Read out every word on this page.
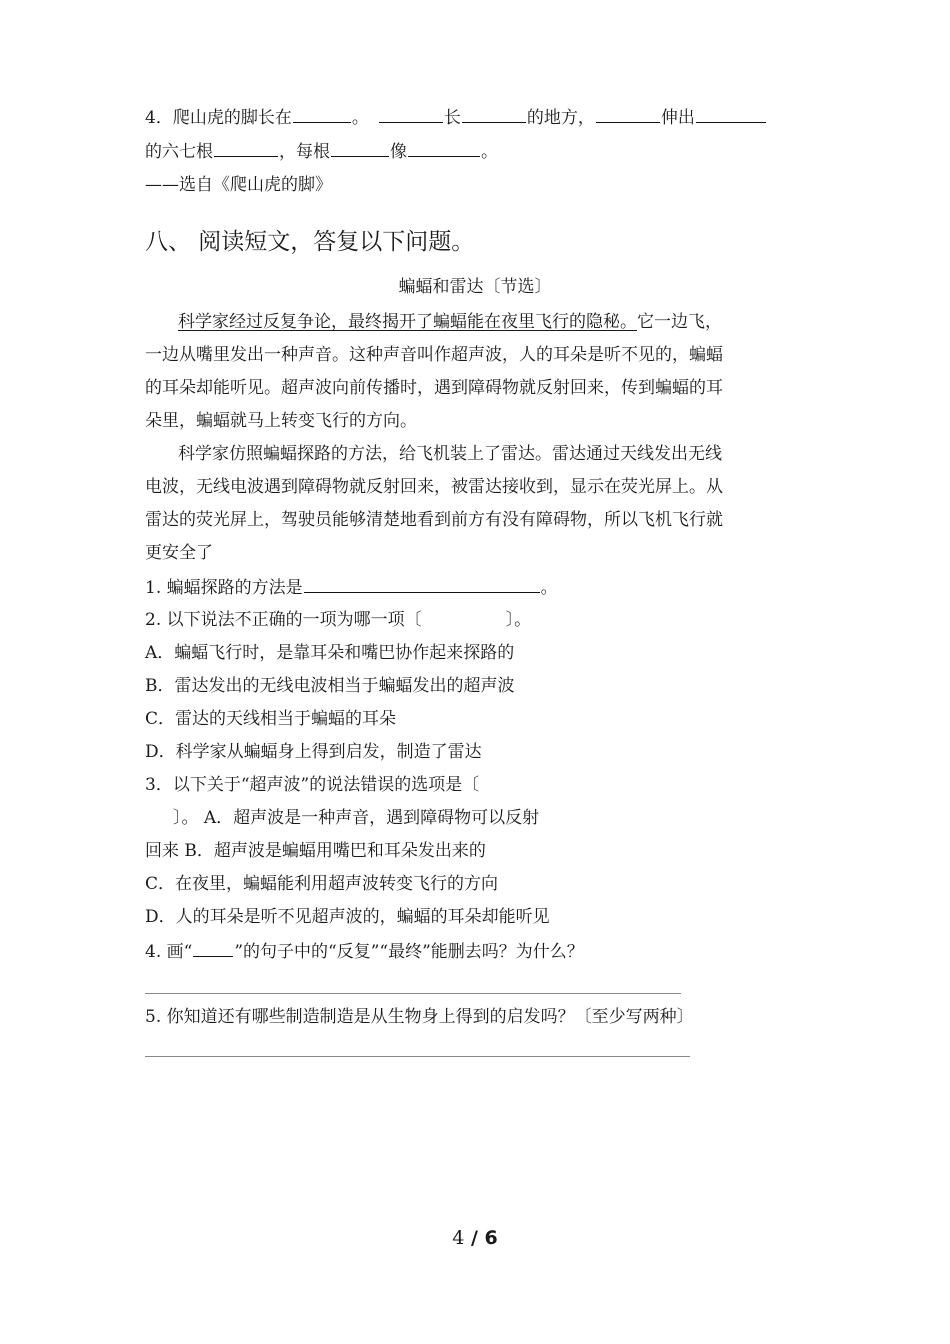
4．爬山虎的脚长在	。	长	的地方，	伸出
的六七根	，每根	像	。
——选自《爬山虎的脚》
八、 阅读短文，答复以下问题。
蝙蝠和雷达〔节选〕
科学家经过反复争论，最终揭开了蝙蝠能在夜里飞行的隐秘。它一边飞，
一边从嘴里发出一种声音。这种声音叫作超声波，人的耳朵是听不见的，蝙蝠
的耳朵却能听见。超声波向前传播时，遇到障碍物就反射回来，传到蝙蝠的耳
朵里，蝙蝠就马上转变飞行的方向。
科学家仿照蝙蝠探路的方法，给飞机装上了雷达。雷达通过天线发出无线
电波，无线电波遇到障碍物就反射回来，被雷达接收到，显示在荧光屏上。从
雷达的荧光屏上，驾驶员能够清楚地看到前方有没有障碍物，所以飞机飞行就
更安全了
1. 蝙蝠探路的方法是	。
2. 以下说法不正确的一项为哪一项〔	〕。
A．蝙蝠飞行时，是靠耳朵和嘴巴协作起来探路的
B．雷达发出的无线电波相当于蝙蝠发出的超声波
C．雷达的天线相当于蝙蝠的耳朵
D．科学家从蝙蝠身上得到启发，制造了雷达
3．以下关于“超声波”的说法错误的选项是〔
〕。 A．超声波是一种声音，遇到障碍物可以反射
回来 B．超声波是蝙蝠用嘴巴和耳朵发出来的
C．在夜里，蝙蝠能利用超声波转变飞行的方向
D．人的耳朵是听不见超声波的，蝙蝠的耳朵却能听见
4. 画“ ”的句子中的“反复”“最终”能删去吗？为什么？
5. 你知道还有哪些制造制造是从生物身上得到的启发吗？〔至少写两种〕
4 / 6
